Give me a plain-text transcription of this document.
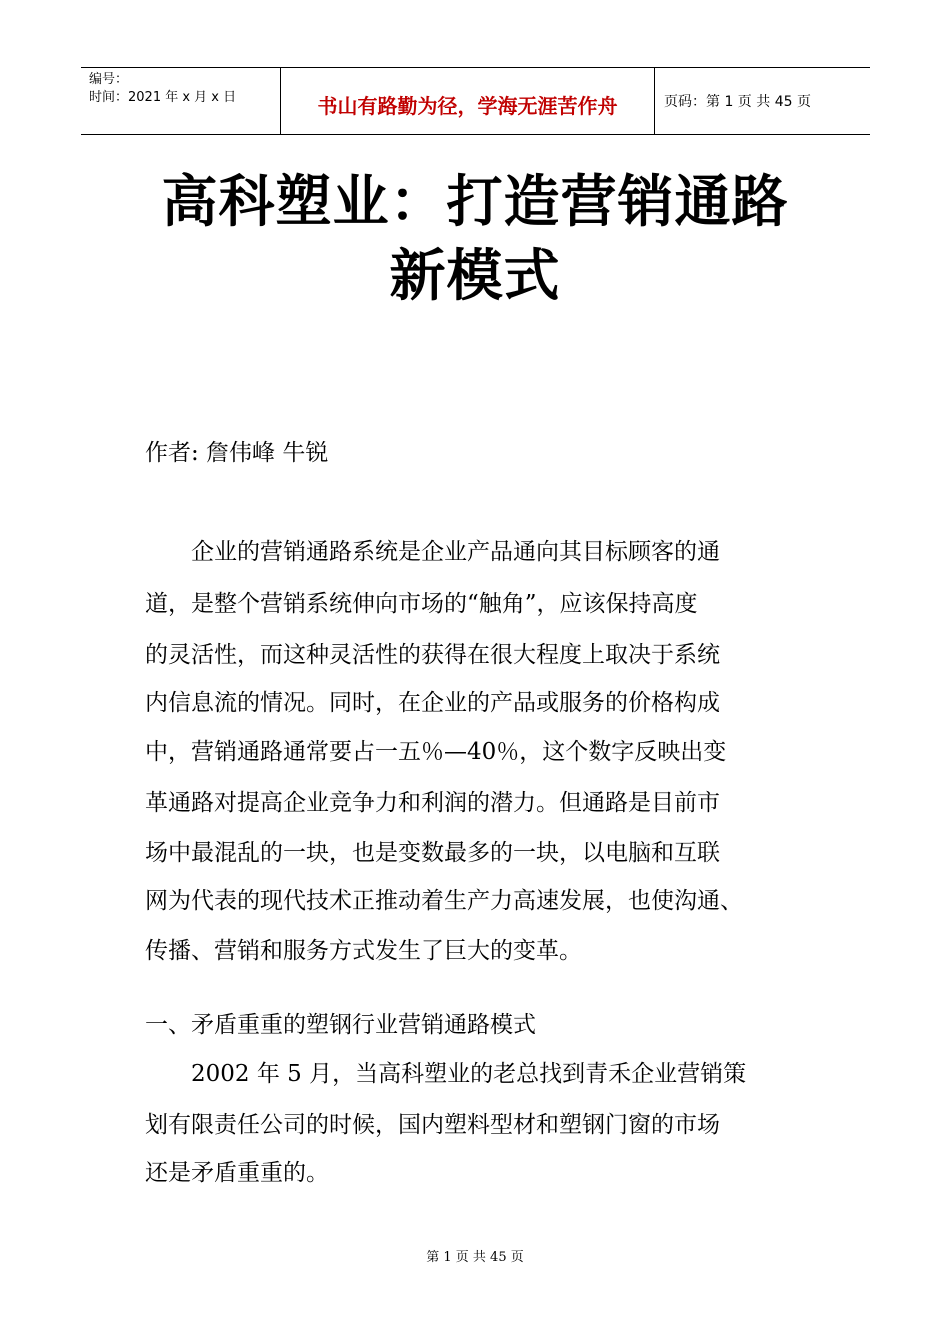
编号：
时间：2021 年 x 月 x 日	书山有路勤为径，学海无涯苦作舟	页码：第 1 页 共 45 页
高科塑业：打造营销通路
新模式
作者: 詹伟峰 牛锐
企业的营销通路系统是企业产品通向其目标顾客的通
道，是整个营销系统伸向市场的“触角”，应该保持高度
的灵活性，而这种灵活性的获得在很大程度上取决于系统
内信息流的情况。同时，在企业的产品或服务的价格构成
中，营销通路通常要占一五％—40％，这个数字反映出变
革通路对提高企业竞争力和利润的潜力。但通路是目前市
场中最混乱的一块，也是变数最多的一块，以电脑和互联
网为代表的现代技术正推动着生产力高速发展，也使沟通、
传播、营销和服务方式发生了巨大的变革。
一、矛盾重重的塑钢行业营销通路模式
2002 年 5 月，当高科塑业的老总找到青禾企业营销策
划有限责任公司的时候，国内塑料型材和塑钢门窗的市场
还是矛盾重重的。
第 1 页 共 45 页
